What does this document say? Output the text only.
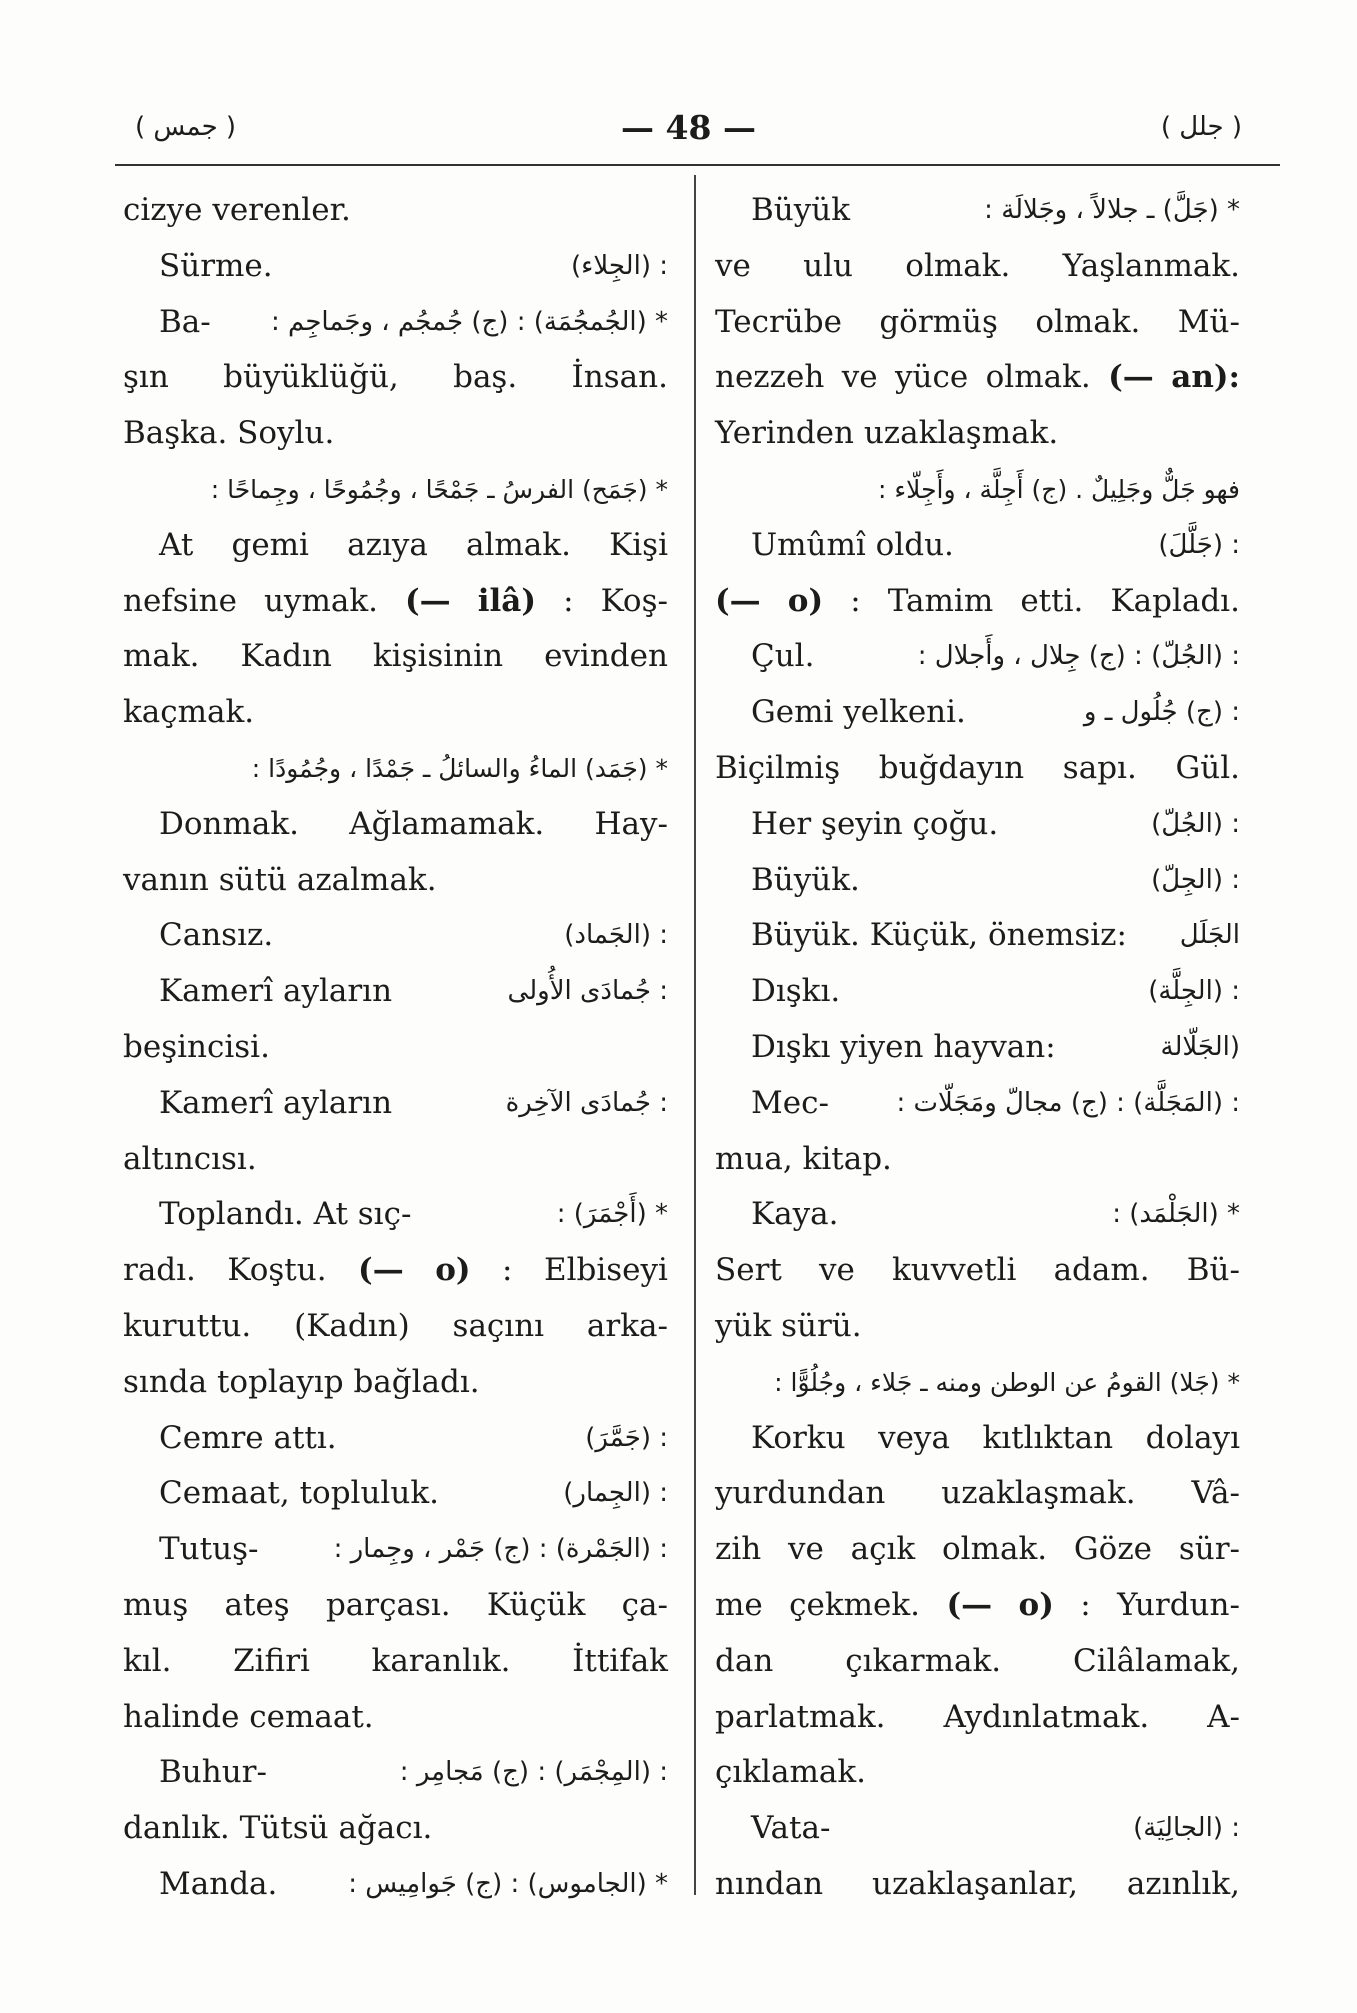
( جمس )	— 48 —	( جلل )
cizye verenler.
Sürme.	: (الجِلاء)
Ba- * (الجُمجُمَة) : (ج) جُمجُم ، وجَماجِم :
şın büyüklüğü, baş. İnsan.
Başka. Soylu.
* (جَمَح) الفرسُ ـ جَمْحًا ، وجُمُوحًا ، وجِماحًا :
At gemi azıya almak. Kişi
nefsine uymak. (— ilâ) : Koş-
mak. Kadın kişisinin evinden
kaçmak.
* (جَمَد) الماءُ والسائلُ ـ جَمْدًا ، وجُمُودًا :
Donmak. Ağlamamak. Hay-
vanın sütü azalmak.
Cansız.	: (الجَماد)
Kamerî ayların	: جُمادَى الأُولى
beşincisi.
Kamerî ayların	: جُمادَى الآخِرة
altıncısı.
Toplandı. At sıç-	* (أَجْمَرَ) :
radı. Koştu. (— o) : Elbiseyi
kuruttu. (Kadın) saçını arka-
sında toplayıp bağladı.
Cemre attı.	: (جَمَّرَ)
Cemaat, topluluk.	: (الجِمار)
Tutuş-	: (الجَمْرة) : (ج) جَمْر ، وجِمار :
muş ateş parçası. Küçük ça-
kıl. Zifiri karanlık. İttifak
halinde cemaat.
Buhur-	: (المِجْمَر) : (ج) مَجامِر :
danlık. Tütsü ağacı.
Manda.	* (الجاموس) : (ج) جَوامِيس :
Büyük	* (جَلَّ) ـ جلالاً ، وجَلالَة :
ve ulu olmak. Yaşlanmak.
Tecrübe görmüş olmak. Mü-
nezzeh ve yüce olmak. (— an):
Yerinden uzaklaşmak.
فهو جَلٌّ وجَلِيلٌ . (ج) أَجِلَّة ، وأَجِلّاء :
Umûmî oldu.	: (جَلَّلَ)
(— o) : Tamim etti. Kapladı.
Çul.	: (الجُلّ) : (ج) جِلال ، وأَجلال :
Gemi yelkeni.	: (ج) جُلُول ـ و
Biçilmiş buğdayın sapı. Gül.
Her şeyin çoğu.	: (الجُلّ)
Büyük.	: (الجِلّ)
Büyük. Küçük, önemsiz: الجَلَل
Dışkı.	: (الجِلَّة)
Dışkı yiyen hayvan:	(الجَلّالة
Mec-	: (المَجَلَّة) : (ج) مجالّ ومَجَلّات :
mua, kitap.
Kaya.	* (الجَلْمَد) :
Sert ve kuvvetli adam. Bü-
yük sürü.
* (جَلا) القومُ عن الوطن ومنه ـ جَلاء ، وجُلُوًّا :
Korku veya kıtlıktan dolayı
yurdundan uzaklaşmak. Vâ-
zih ve açık olmak. Göze sür-
me çekmek. (— o) : Yurdun-
dan çıkarmak. Cilâlamak,
parlatmak. Aydınlatmak. A-
çıklamak.
Vata-	: (الجالِيَة)
nından uzaklaşanlar, azınlık,
